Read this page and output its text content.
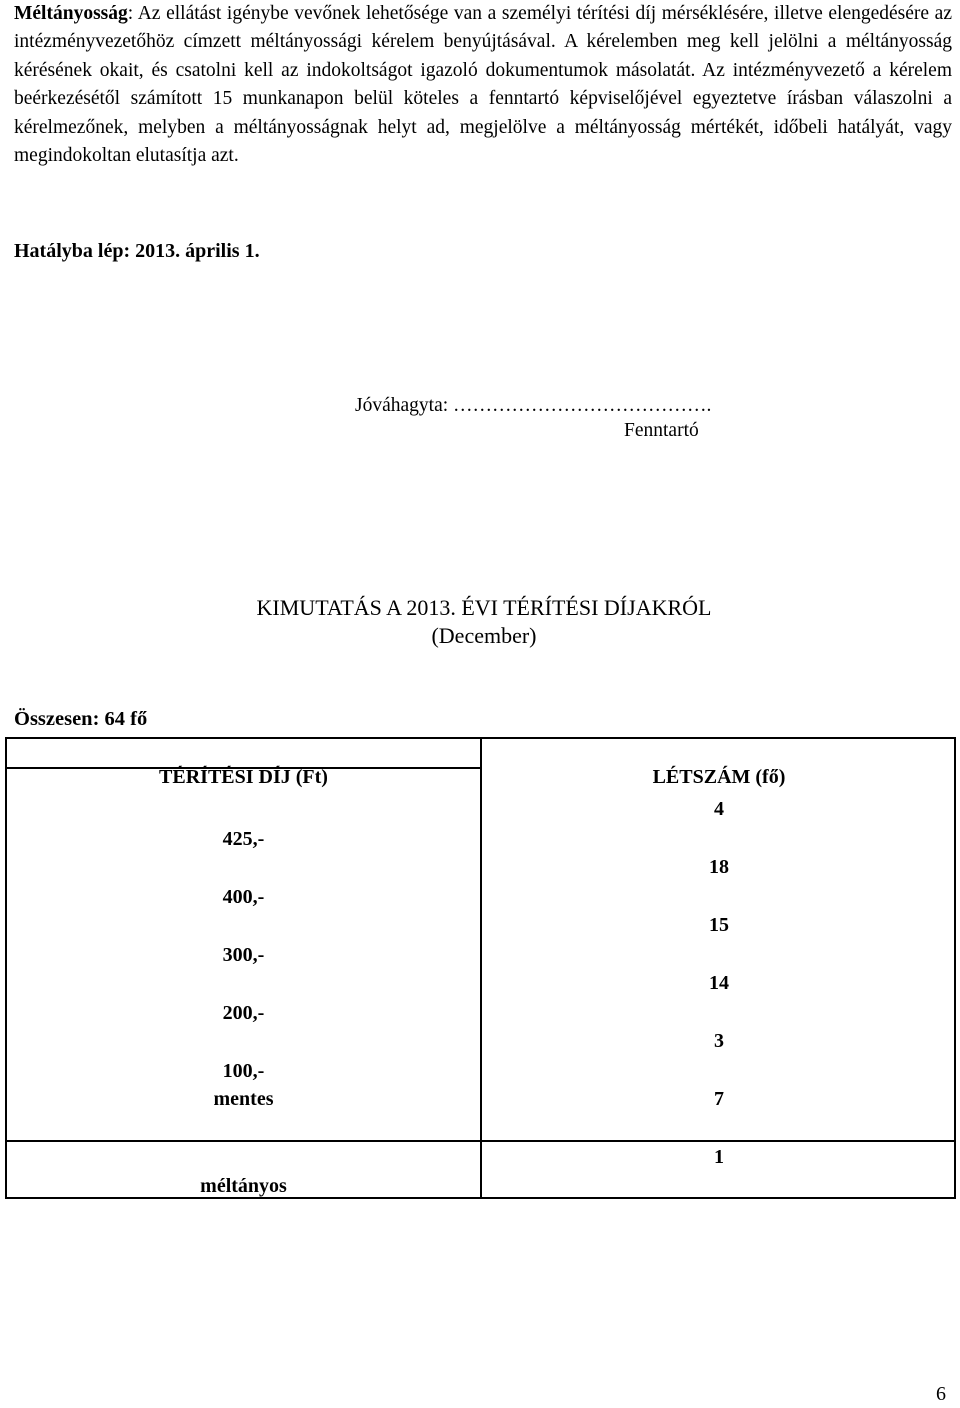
Méltányosság: Az ellátást igénybe vevőnek lehetősége van a személyi térítési díj mérséklésére, illetve elengedésére az intézményvezetőhöz címzett méltányossági kérelem benyújtásával. A kérelemben meg kell jelölni a méltányosság kérésének okait, és csatolni kell az indokoltságot igazoló dokumentumok másolatát. Az intézményvezető a kérelem beérkezésétől számított 15 munkanapon belül köteles a fenntartó képviselőjével egyeztetve írásban válaszolni a kérelmezőnek, melyben a méltányosságnak helyt ad, megjelölve a méltányosság mértékét, időbeli hatályát, vagy megindokoltan elutasítja azt.
Hatályba lép: 2013. április 1.
Jóváhagyta: ………………………………….
Fenntartó
KIMUTATÁS A 2013. ÉVI TÉRÍTÉSI DÍJAKRÓL
(December)
Összesen: 64 fő
TÉRÍTÉSI DÍJ (Ft)	LÉTSZÁM (fő)
425,-
400,-
300,-
200,-
100,-
mentes
méltányos
4
18
15
14
3
7
1
6
